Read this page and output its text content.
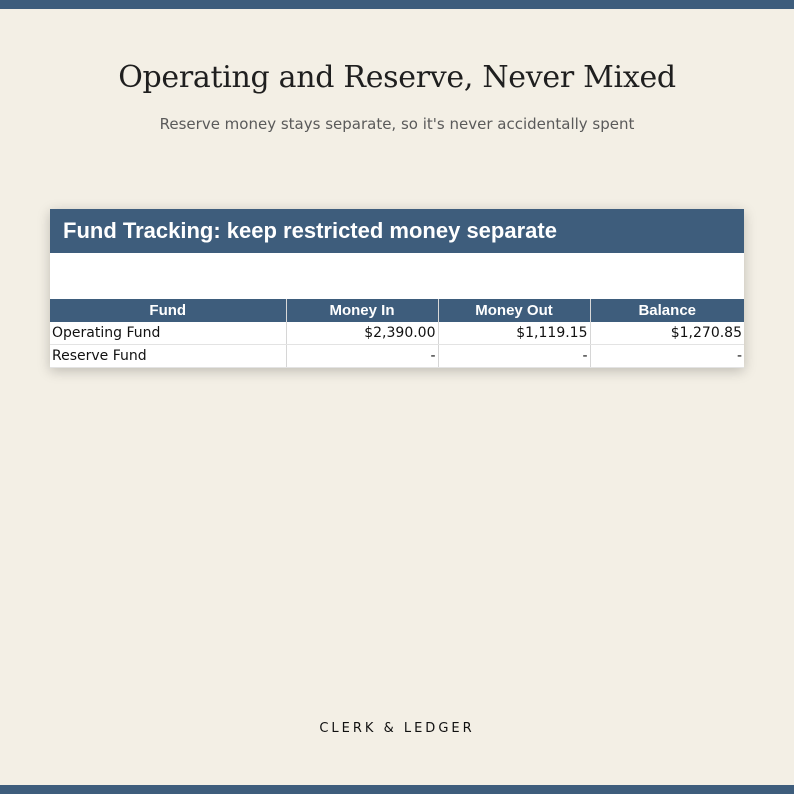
Operating and Reserve, Never Mixed
Reserve money stays separate, so it's never accidentally spent
Fund Tracking: keep restricted money separate
Fund	Money In	Money Out	Balance
Operating Fund	$2,390.00	$1,119.15	$1,270.85
Reserve Fund	-	-	-
CLERK & LEDGER
